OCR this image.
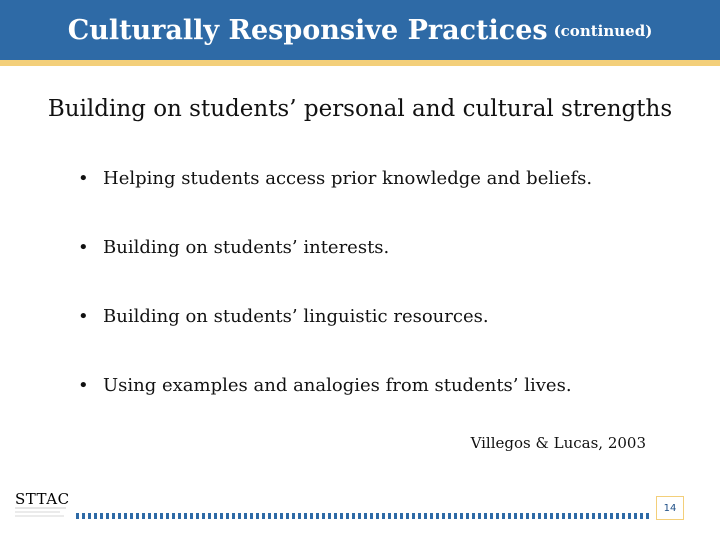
Culturally Responsive Practices (continued)
Building on students’ personal and cultural strengths
• Helping students access prior knowledge and beliefs.
• Building on students’ interests.
• Building on students’ linguistic resources.
• Using examples and analogies from students’ lives.
Villegos & Lucas, 2003
STTAC	14
